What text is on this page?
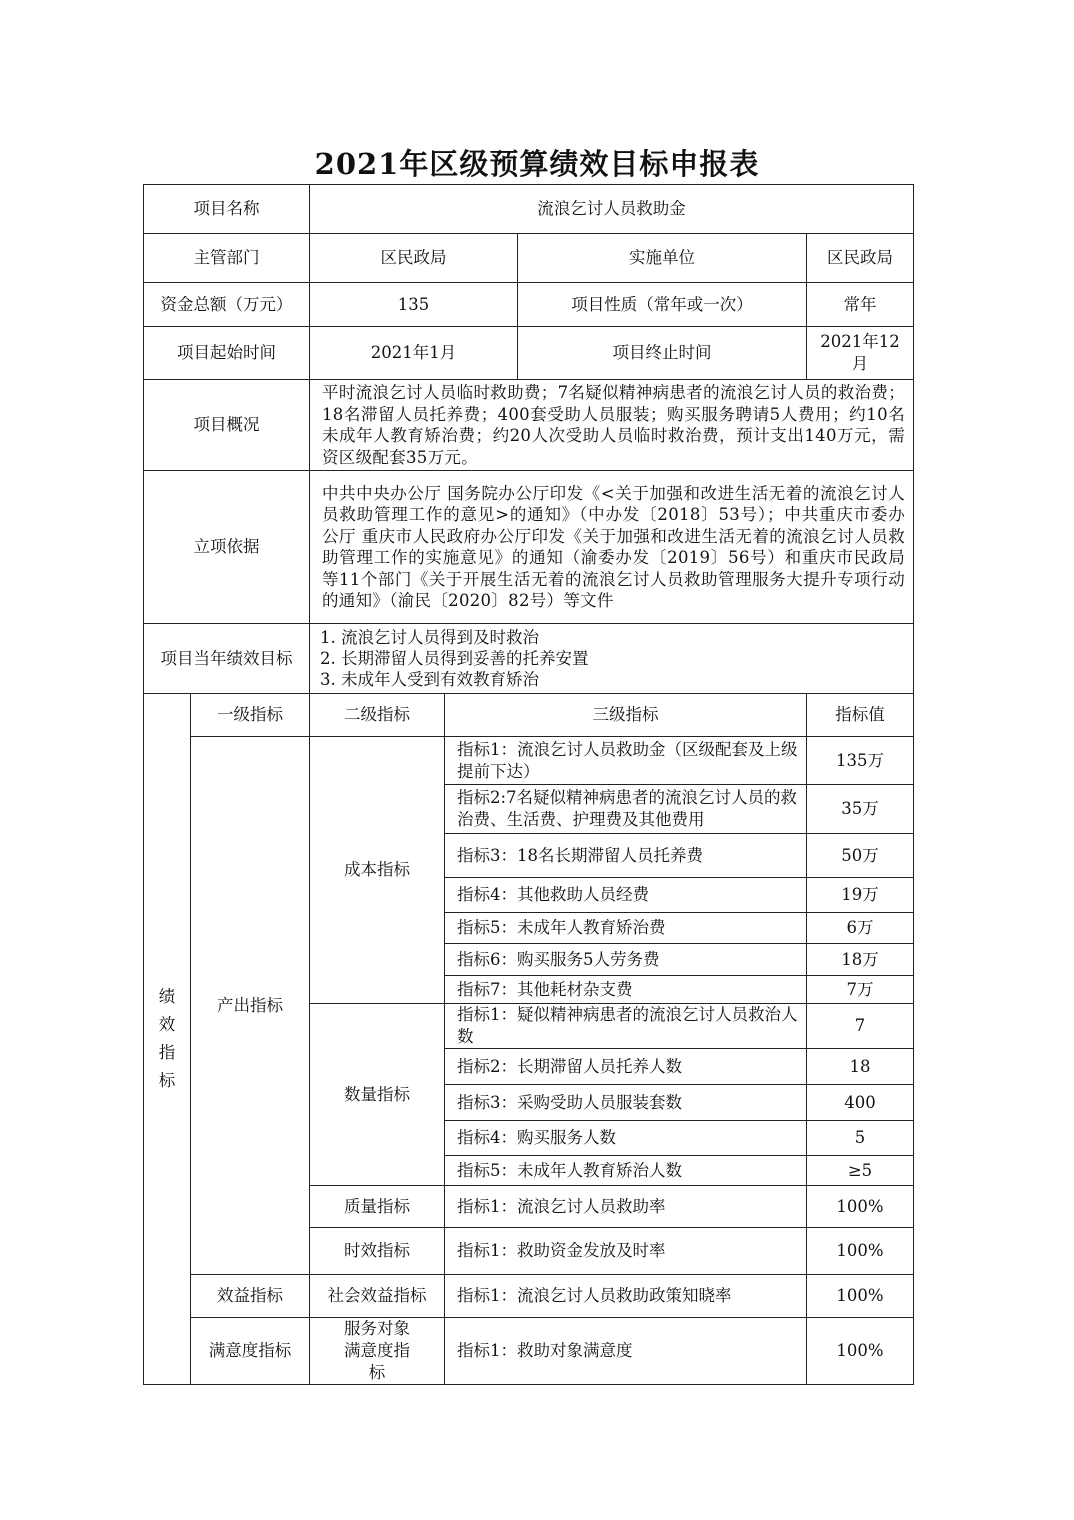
2021年区级预算绩效目标申报表
项目名称		流浪乞讨人员救助金			
主管部门		区民政局		实施单位	区民政局
资金总额（万元）		135		项目性质（常年或一次）	常年
项目起始时间		2021年1月		项目终止时间	2021年12月
项目概况		平时流浪乞讨人员临时救助费；7名疑似精神病患者的流浪乞讨人员的救治费；18名滞留人员托养费；400套受助人员服装；购买服务聘请5人费用；约10名未成年人教育矫治费；约20人次受助人员临时救治费，预计支出140万元，需资区级配套35万元。			
立项依据		中共中央办公厅 国务院办公厅印发《<关于加强和改进生活无着的流浪乞讨人员救助管理工作的意见>的通知》（中办发〔2018〕53号）；中共重庆市委办公厅 重庆市人民政府办公厅印发《关于加强和改进生活无着的流浪乞讨人员救助管理工作的实施意见》的通知（渝委办发〔2019〕56号）和重庆市民政局等11个部门《关于开展生活无着的流浪乞讨人员救助管理服务大提升专项行动的通知》（渝民〔2020〕82号）等文件			
项目当年绩效目标		1. 流浪乞讨人员得到及时救治
2. 长期滞留人员得到妥善的托养安置
3. 未成年人受到有效教育矫治			

绩
效
指
标	一级指标	二级指标	三级指标		指标值
	产出指标	成本指标	指标1：流浪乞讨人员救助金（区级配套及上级提前下达）		135万
			指标2:7名疑似精神病患者的流浪乞讨人员的救治费、生活费、护理费及其他费用		35万
			指标3：18名长期滞留人员托养费		50万
			指标4：其他救助人员经费		19万
			指标5：未成年人教育矫治费		6万
			指标6：购买服务5人劳务费		18万
			指标7：其他耗材杂支费		7万
		数量指标	指标1：疑似精神病患者的流浪乞讨人员救治人数		7
			指标2：长期滞留人员托养人数		18
			指标3：采购受助人员服装套数		400
			指标4：购买服务人数		5
			指标5：未成年人教育矫治人数		≥5
		质量指标	指标1：流浪乞讨人员救助率		100%
		时效指标	指标1：救助资金发放及时率		100%
	效益指标	社会效益指标	指标1：流浪乞讨人员救助政策知晓率		100%
	满意度指标	服务对象满意度指标	指标1：救助对象满意度		100%
